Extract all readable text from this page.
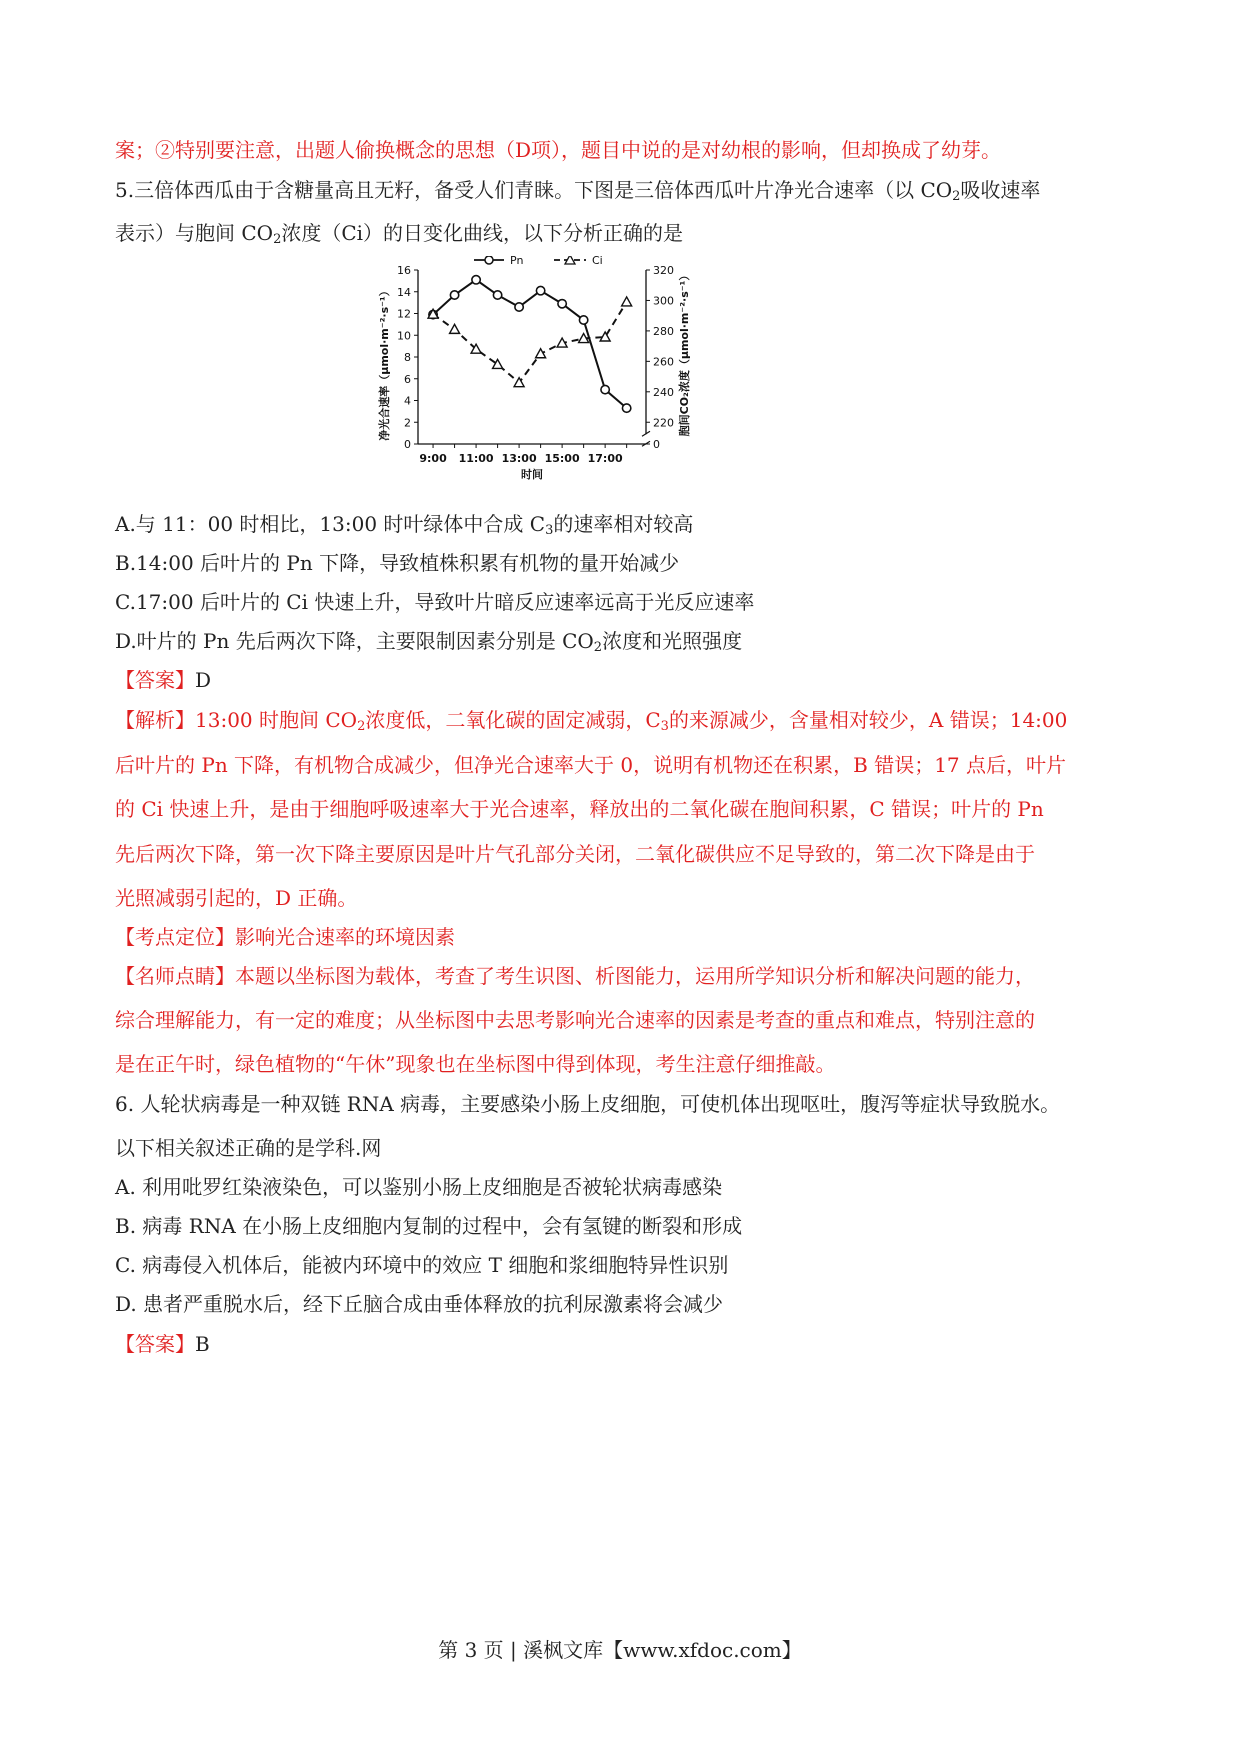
案；②特别要注意，出题人偷换概念的思想（D项），题目中说的是对幼根的影响，但却换成了幼芽。
5.三倍体西瓜由于含糖量高且无籽，备受人们青睐。下图是三倍体西瓜叶片净光合速率（以 $CO_2$吸收速率
表示）与胞间 $CO_2$浓度（Ci）的日变化曲线，以下分析正确的是
0
2
4
6
8
10
12
14
16
220
240
260
280
300
320
0
9:00 11:00 13:00 15:00 17:00
时间
净光合速率（μmol·m⁻²·s⁻¹）	胞间CO₂浓度（μmol·m⁻²·s⁻¹）
Pn	Ci
A.与 11：00 时相比，13:00 时叶绿体中合成 $C_3$的速率相对较高
B.14:00 后叶片的 Pn 下降，导致植株积累有机物的量开始减少
C.17:00 后叶片的 Ci 快速上升，导致叶片暗反应速率远高于光反应速率
D.叶片的 Pn 先后两次下降，主要限制因素分别是 $CO_2$浓度和光照强度
【答案】D
【解析】13:00 时胞间 $CO_2$浓度低，二氧化碳的固定减弱，$C_3$的来源减少，含量相对较少，A 错误；14:00
后叶片的 Pn 下降，有机物合成减少，但净光合速率大于 0，说明有机物还在积累，B 错误；17 点后，叶片
的 Ci 快速上升，是由于细胞呼吸速率大于光合速率，释放出的二氧化碳在胞间积累，C 错误；叶片的 Pn
先后两次下降，第一次下降主要原因是叶片气孔部分关闭，二氧化碳供应不足导致的，第二次下降是由于
光照减弱引起的，D 正确。
【考点定位】影响光合速率的环境因素
【名师点睛】本题以坐标图为载体，考查了考生识图、析图能力，运用所学知识分析和解决问题的能力，
综合理解能力，有一定的难度；从坐标图中去思考影响光合速率的因素是考查的重点和难点，特别注意的
是在正午时，绿色植物的“午休”现象也在坐标图中得到体现，考生注意仔细推敲。
6. 人轮状病毒是一种双链 RNA 病毒，主要感染小肠上皮细胞，可使机体出现呕吐，腹泻等症状导致脱水。
以下相关叙述正确的是学科.网
A. 利用吡罗红染液染色，可以鉴别小肠上皮细胞是否被轮状病毒感染
B. 病毒 RNA 在小肠上皮细胞内复制的过程中，会有氢键的断裂和形成
C. 病毒侵入机体后，能被内环境中的效应 T 细胞和浆细胞特异性识别
D. 患者严重脱水后，经下丘脑合成由垂体释放的抗利尿激素将会减少
【答案】B
第 3 页 | 溪枫文库【www.xfdoc.com】
